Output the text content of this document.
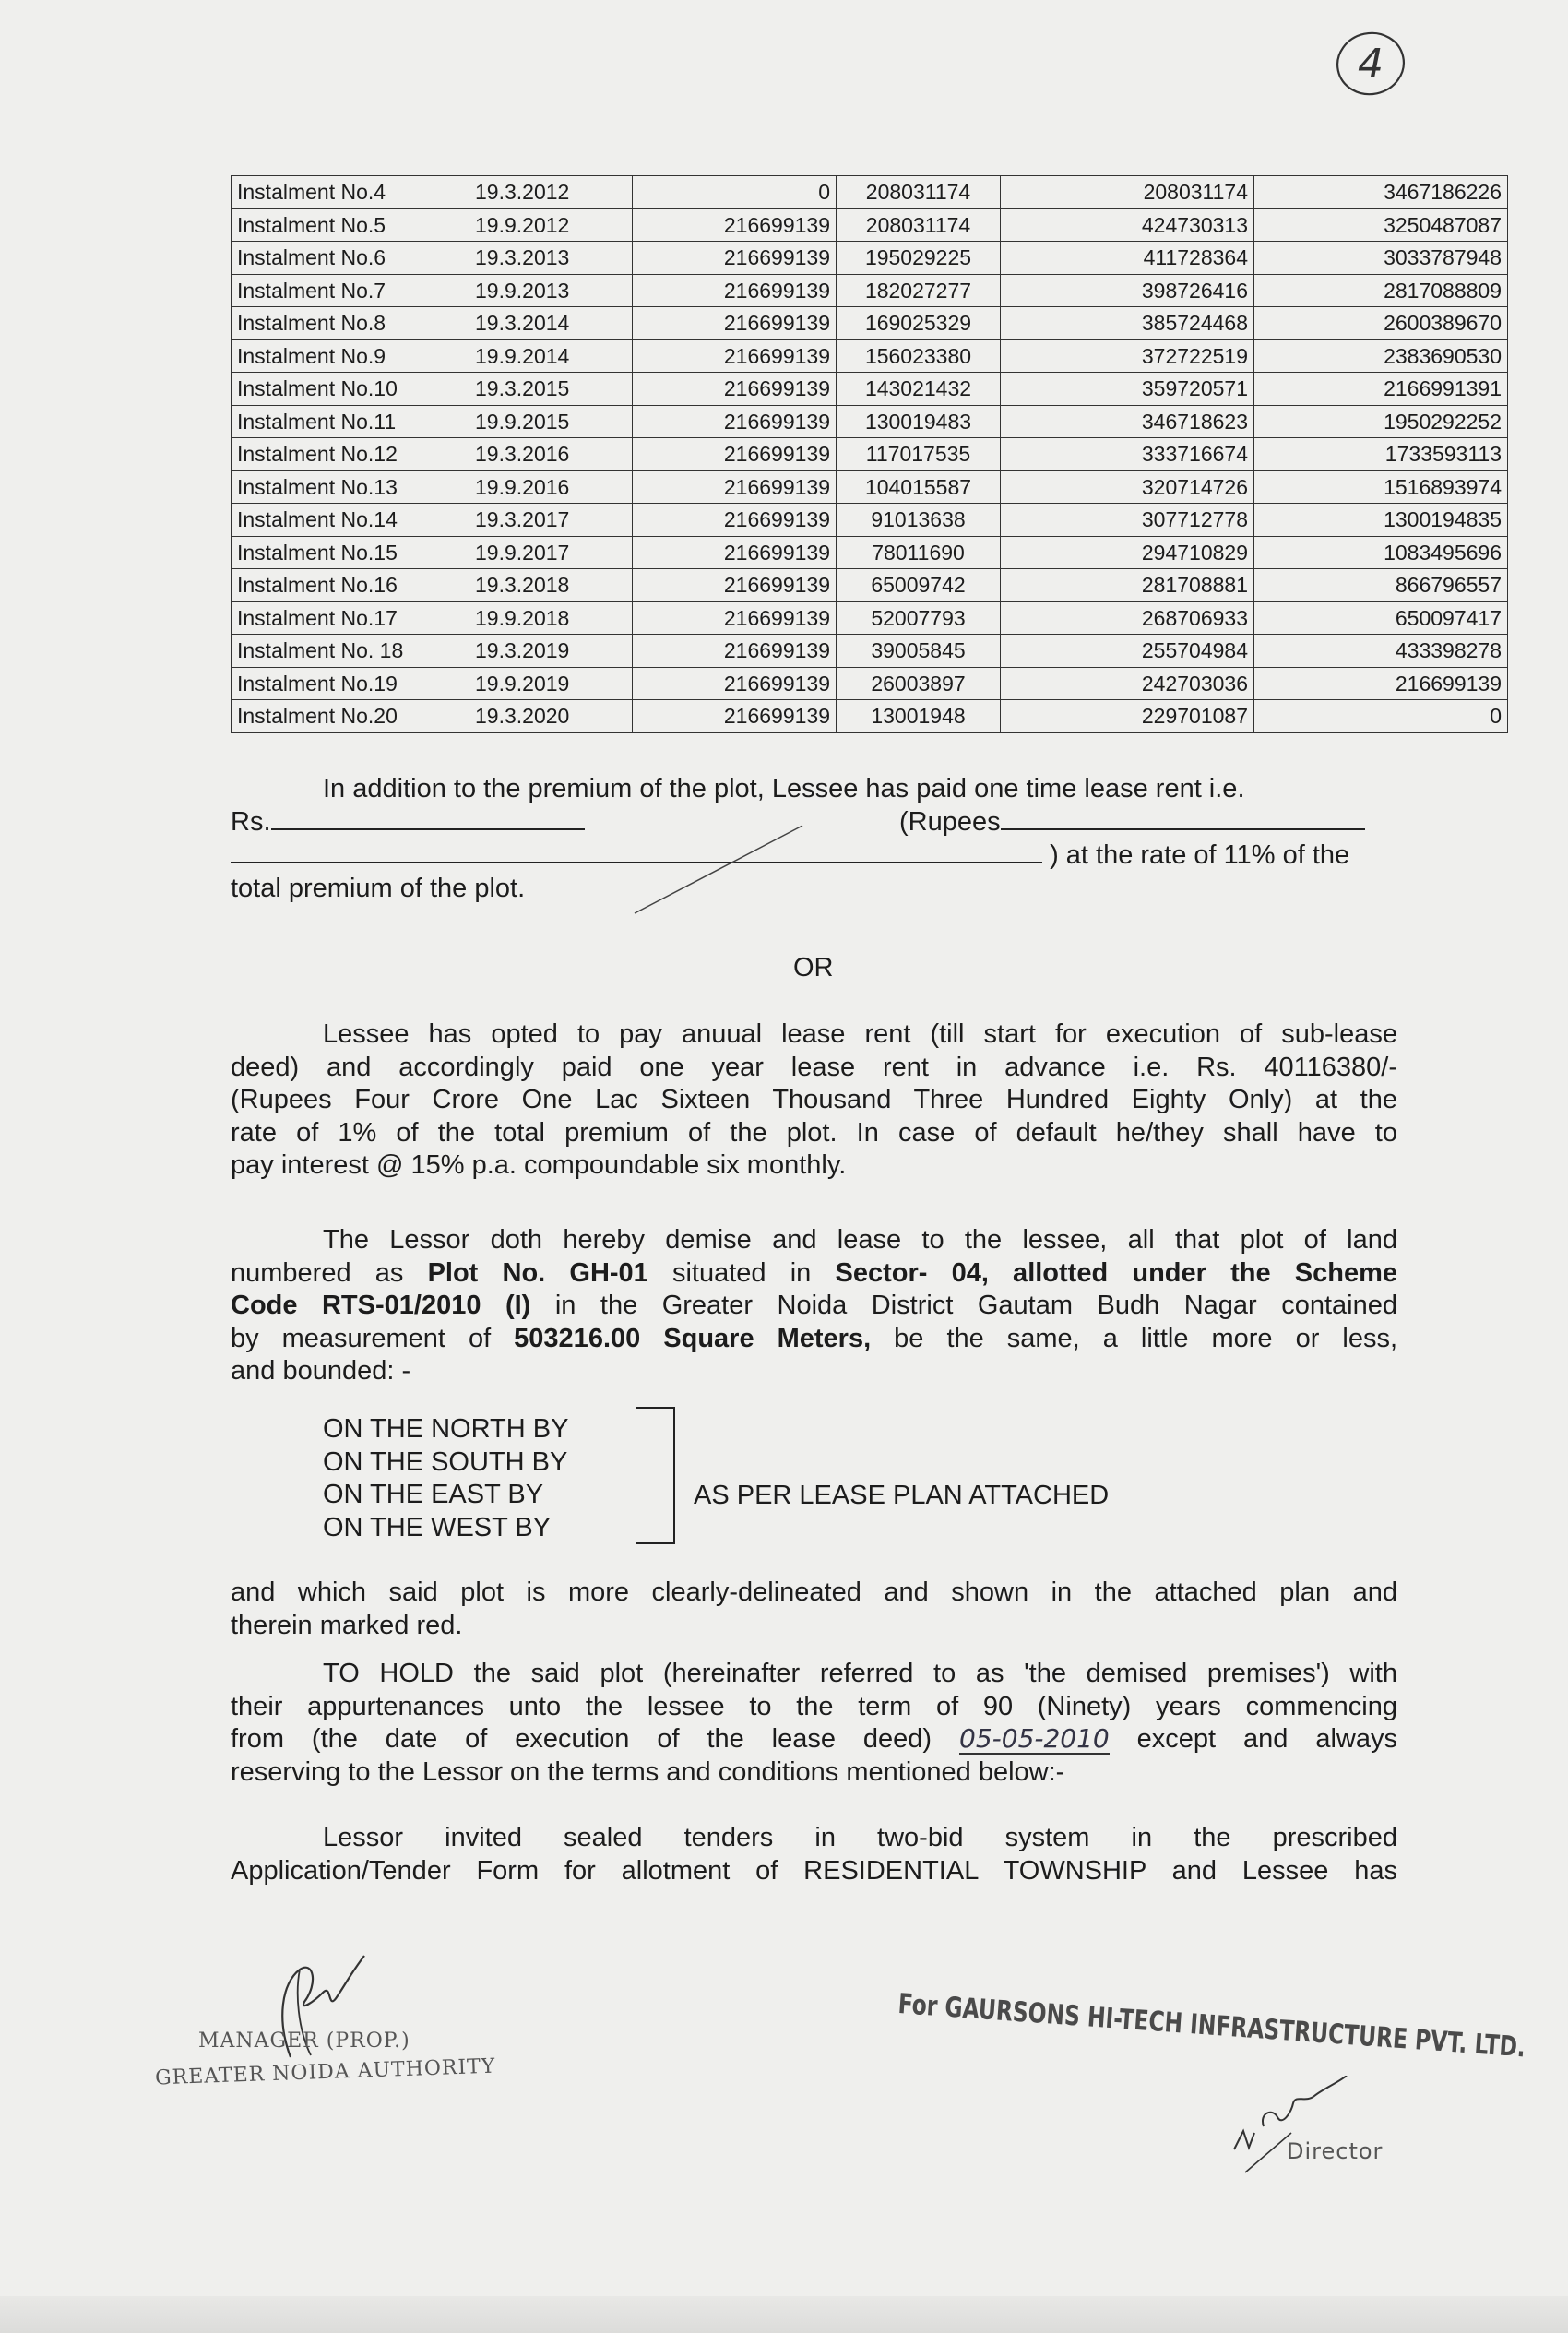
4
Instalment No.4	19.3.2012	0	208031174	208031174	3467186226
Instalment No.5	19.9.2012	216699139	208031174	424730313	3250487087
Instalment No.6	19.3.2013	216699139	195029225	411728364	3033787948
Instalment No.7	19.9.2013	216699139	182027277	398726416	2817088809
Instalment No.8	19.3.2014	216699139	169025329	385724468	2600389670
Instalment No.9	19.9.2014	216699139	156023380	372722519	2383690530
Instalment No.10	19.3.2015	216699139	143021432	359720571	2166991391
Instalment No.11	19.9.2015	216699139	130019483	346718623	1950292252
Instalment No.12	19.3.2016	216699139	117017535	333716674	1733593113
Instalment No.13	19.9.2016	216699139	104015587	320714726	1516893974
Instalment No.14	19.3.2017	216699139	91013638	307712778	1300194835
Instalment No.15	19.9.2017	216699139	78011690	294710829	1083495696
Instalment No.16	19.3.2018	216699139	65009742	281708881	866796557
Instalment No.17	19.9.2018	216699139	52007793	268706933	650097417
Instalment No. 18	19.3.2019	216699139	39005845	255704984	433398278
Instalment No.19	19.9.2019	216699139	26003897	242703036	216699139
Instalment No.20	19.3.2020	216699139	13001948	229701087	0
In addition to the premium of the plot, Lessee has paid one time lease rent i.e.
Rs.	(Rupees
) at the rate of 11% of the
total premium of the plot.
OR
Lessee has opted to pay anuual lease rent (till start for execution of sub-lease
deed) and accordingly paid one year lease rent in advance i.e. Rs. 40116380/-
(Rupees Four Crore One Lac Sixteen Thousand Three Hundred Eighty Only) at the
rate of 1% of the total premium of the plot. In case of default he/they shall have to
pay interest @ 15% p.a. compoundable six monthly.
The Lessor doth hereby demise and lease to the lessee, all that plot of land
numbered as Plot No. GH-01 situated in Sector- 04, allotted under the Scheme
Code RTS-01/2010 (I) in the Greater Noida District Gautam Budh Nagar contained
by measurement of 503216.00 Square Meters, be the same, a little more or less,
and bounded: -
ON THE NORTH BY
ON THE SOUTH BY
ON THE EAST BY
ON THE WEST BY
AS PER LEASE PLAN ATTACHED
and which said plot is more clearly-delineated and shown in the attached plan and
therein marked red.
TO HOLD the said plot (hereinafter referred to as 'the demised premises') with
their appurtenances unto the lessee to the term of 90 (Ninety) years commencing
from (the date of execution of the lease deed) 05-05-2010 except and always
reserving to the Lessor on the terms and conditions mentioned below:-
Lessor invited sealed tenders in two-bid system in the prescribed
Application/Tender Form for allotment of RESIDENTIAL TOWNSHIP and Lessee has
MANAGER (PROP.)
GREATER NOIDA AUTHORITY
For GAURSONS HI-TECH INFRASTRUCTURE PVT. LTD.
Director
